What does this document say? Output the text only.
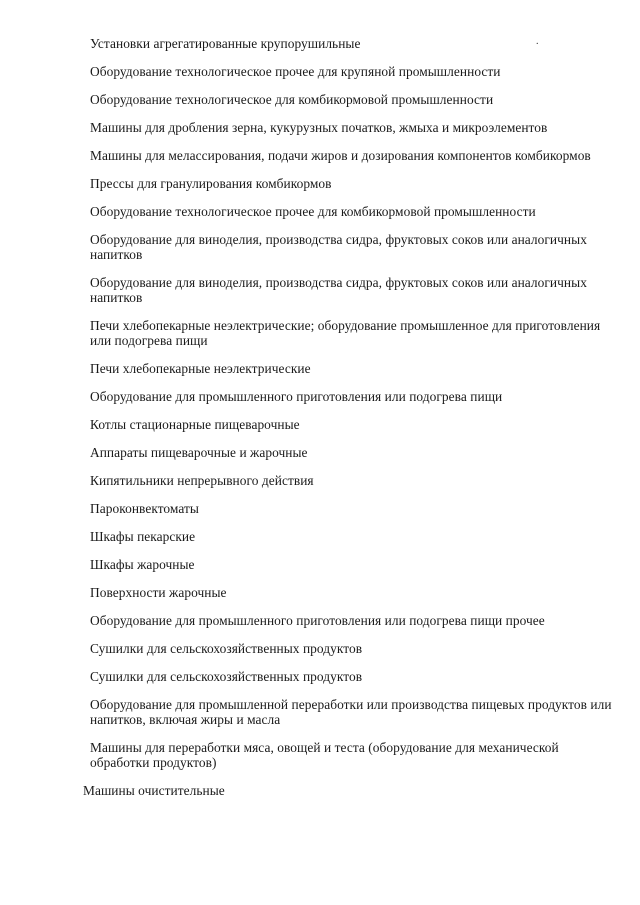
.
Установки агрегатированные крупорушильные
Оборудование технологическое прочее для крупяной промышленности
Оборудование технологическое для комбикормовой промышленности
Машины для дробления зерна, кукурузных початков, жмыха и микроэлементов
Машины для мелассирования, подачи жиров и дозирования компонентов комбикормов
Прессы для гранулирования комбикормов
Оборудование технологическое прочее для комбикормовой промышленности
Оборудование для виноделия, производства сидра, фруктовых соков или аналогичных напитков
Оборудование для виноделия, производства сидра, фруктовых соков или аналогичных напитков
Печи хлебопекарные неэлектрические; оборудование промышленное для приготовления или подогрева пищи
Печи хлебопекарные неэлектрические
Оборудование для промышленного приготовления или подогрева пищи
Котлы стационарные пищеварочные
Аппараты пищеварочные и жарочные
Кипятильники непрерывного действия
Пароконвектоматы
Шкафы пекарские
Шкафы жарочные
Поверхности жарочные
Оборудование для промышленного приготовления или подогрева пищи прочее
Сушилки для сельскохозяйственных продуктов
Сушилки для сельскохозяйственных продуктов
Оборудование для промышленной переработки или производства пищевых продуктов или напитков, включая жиры и масла
Машины для переработки мяса, овощей и теста (оборудование для механической обработки продуктов)
Машины очистительные
